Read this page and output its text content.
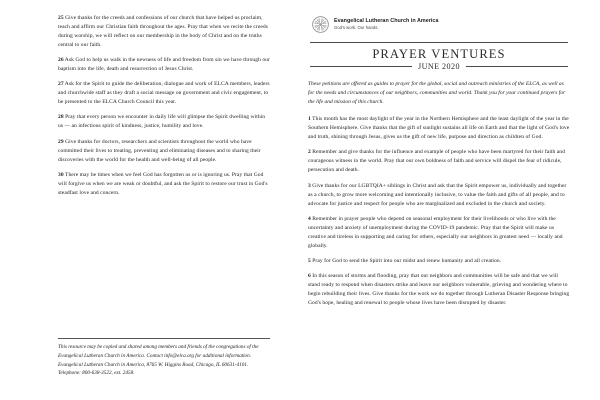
25 Give thanks for the creeds and confessions of our church that have helped us proclaim, teach and affirm our Christian faith throughout the ages. Pray that when we recite the creeds during worship, we will reflect on our membership in the body of Christ and on the truths central to our faith.

26 Ask God to help us walk in the newness of life and freedom from sin we have through our baptism into the life, death and resurrection of Jesus Christ.

27 Ask for the Spirit to guide the deliberation, dialogue and work of ELCA members, leaders and churchwide staff as they draft a social message on government and civic engagement, to be presented to the ELCA Church Council this year.

28 Pray that every person we encounter in daily life will glimpse the Spirit dwelling within us — an infectious spirit of kindness, justice, humility and love.

29 Give thanks for doctors, researchers and scientists throughout the world who have committed their lives to treating, preventing and eliminating diseases and to sharing their discoveries with the world for the health and well-being of all people.

30 There may be times when we feel God has forgotten us or is ignoring us. Pray that God will forgive us when we are weak or doubtful, and ask the Spirit to restore our trust in God's steadfast love and concern.

This resource may be copied and shared among members and friends of the congregations of the Evangelical Lutheran Church in America. Contact info@elca.org for additional information. Evangelical Lutheran Church in America, 8765 W. Higgins Road, Chicago, IL 60631-4101. Telephone: 800-638-3522, ext. 2458.

Evangelical Lutheran Church in America
God's work. Our hands.
PRAYER VENTURES
JUNE 2020

These petitions are offered as guides to prayer for the global, social and outreach ministries of the ELCA, as well as for the needs and circumstances of our neighbors, communities and world. Thank you for your continued prayers for the life and mission of this church.

1 This month has the most daylight of the year in the Northern Hemisphere and the least daylight of the year in the Southern Hemisphere. Give thanks that the gift of sunlight sustains all life on Earth and that the light of God's love and truth, shining through Jesus, gives us the gift of new life, purpose and direction as children of God.

2 Remember and give thanks for the influence and example of people who have been martyred for their faith and courageous witness in the world. Pray that our own boldness of faith and service will dispel the fear of ridicule, persecution and death.

3 Give thanks for our LGBTQIA+ siblings in Christ and ask that the Spirit empower us, individually and together as a church, to grow more welcoming and intentionally inclusive, to value the faith and gifts of all people, and to advocate for justice and respect for people who are marginalized and excluded in the church and society.

4 Remember in prayer people who depend on seasonal employment for their livelihoods or who live with the uncertainty and anxiety of unemployment during the COVID-19 pandemic. Pray that the Spirit will make us creative and tireless in supporting and caring for others, especially our neighbors in greatest need — locally and globally.

5 Pray for God to send the Spirit into our midst and renew humanity and all creation.

6 In this season of storms and flooding, pray that our neighbors and communities will be safe and that we will stand ready to respond when disasters strike and leave our neighbors vulnerable, grieving and wondering where to begin rebuilding their lives. Give thanks for the work we do together through Lutheran Disaster Response bringing God's hope, healing and renewal to people whose lives have been disrupted by disaster.
